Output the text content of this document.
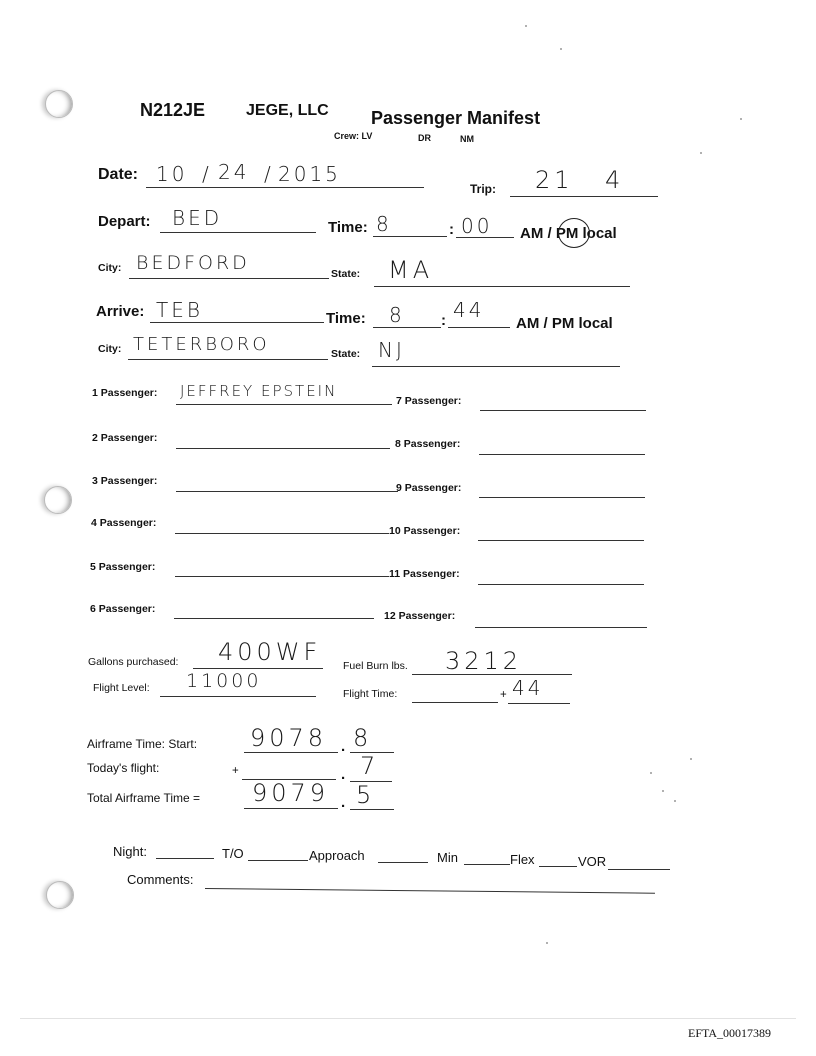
N212JE	JEGE, LLC Passenger Manifest
Crew: LV	DR	NM
Date: 10 / 24 / 2015
Trip: 21 4
Depart: BED	Time: 8	: 00 AM / PM local
City: BEDFORD	State: MA
Arrive: TEB	Time: 8 : 44
AM / PM local
City: TETERBORO	State: NJ
1 Passenger: JEFFREY EPSTEIN
7 Passenger:
2 Passenger:	8 Passenger:
3 Passenger:
9 Passenger:
4 Passenger:
10 Passenger:
5 Passenger:
11 Passenger:
6 Passenger:
12 Passenger:
Gallons purchased: 400WF Fuel Burn lbs. 3212
Flight Level: 11000
Flight Time:	+ 44
Airframe Time: Start: 9078 . 8
Today's flight:	+	. 7
Total Airframe Time = 9079 . 5
Night:	T/O	Approach	Min	Flex	VOR
Comments:
EFTA_00017389
